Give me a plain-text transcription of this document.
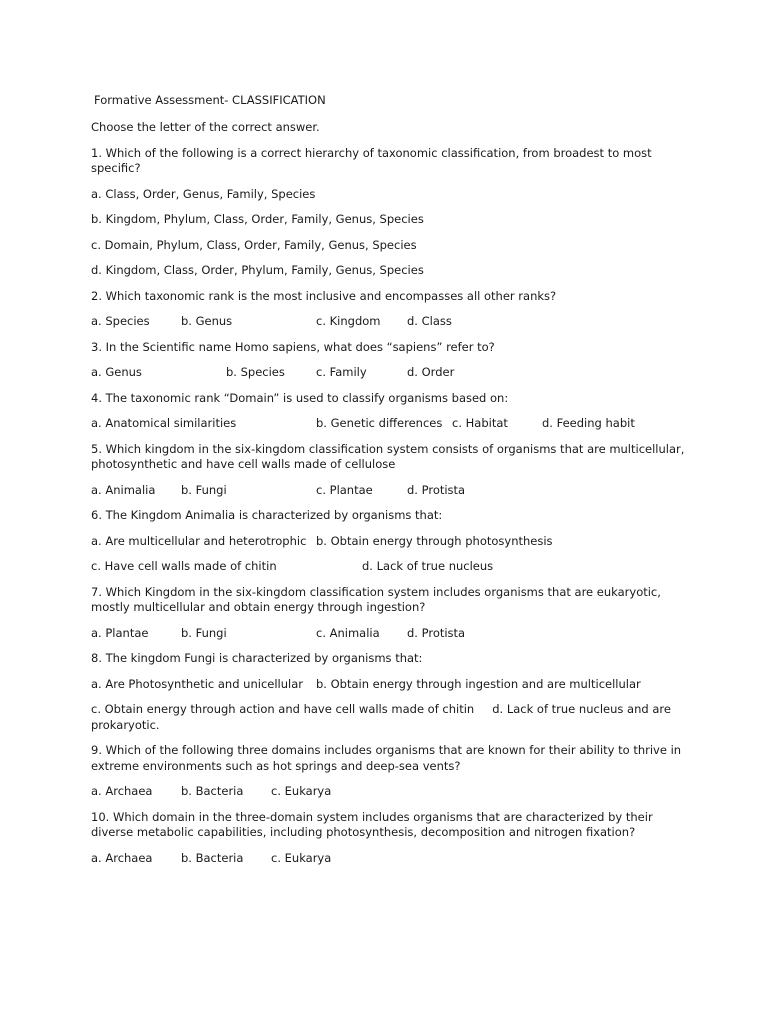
Formative Assessment- CLASSIFICATION
Choose the letter of the correct answer.
1. Which of the following is a correct hierarchy of taxonomic classification, from broadest to most specific?
a. Class, Order, Genus, Family, Species
b. Kingdom, Phylum, Class, Order, Family, Genus, Species
c. Domain, Phylum, Class, Order, Family, Genus, Species
d. Kingdom, Class, Order, Phylum, Family, Genus, Species
2. Which taxonomic rank is the most inclusive and encompasses all other ranks?
a. Species	b. Genus	c. Kingdom d. Class
3. In the Scientific name Homo sapiens, what does “sapiens” refer to?
a. Genus	b. Species	c. Family	d. Order
4. The taxonomic rank “Domain” is used to classify organisms based on:
a. Anatomical similarities	b. Genetic differences c. Habitat	d. Feeding habit
5. Which kingdom in the six-kingdom classification system consists of organisms that are multicellular, photosynthetic and have cell walls made of cellulose
a. Animalia b. Fungi	c. Plantae	d. Protista
6. The Kingdom Animalia is characterized by organisms that:
a. Are multicellular and heterotrophic b. Obtain energy through photosynthesis
c. Have cell walls made of chitin	d. Lack of true nucleus
7. Which Kingdom in the six-kingdom classification system includes organisms that are eukaryotic, mostly multicellular and obtain energy through ingestion?
a. Plantae	b. Fungi	c. Animalia d. Protista
8. The kingdom Fungi is characterized by organisms that:
a. Are Photosynthetic and unicellular b. Obtain energy through ingestion and are multicellular
c. Obtain energy through action and have cell walls made of chitin d. Lack of true nucleus and are prokaryotic.
9. Which of the following three domains includes organisms that are known for their ability to thrive in extreme environments such as hot springs and deep-sea vents?
a. Archaea b. Bacteria c. Eukarya
10. Which domain in the three-domain system includes organisms that are characterized by their diverse metabolic capabilities, including photosynthesis, decomposition and nitrogen fixation?
a. Archaea b. Bacteria c. Eukarya
